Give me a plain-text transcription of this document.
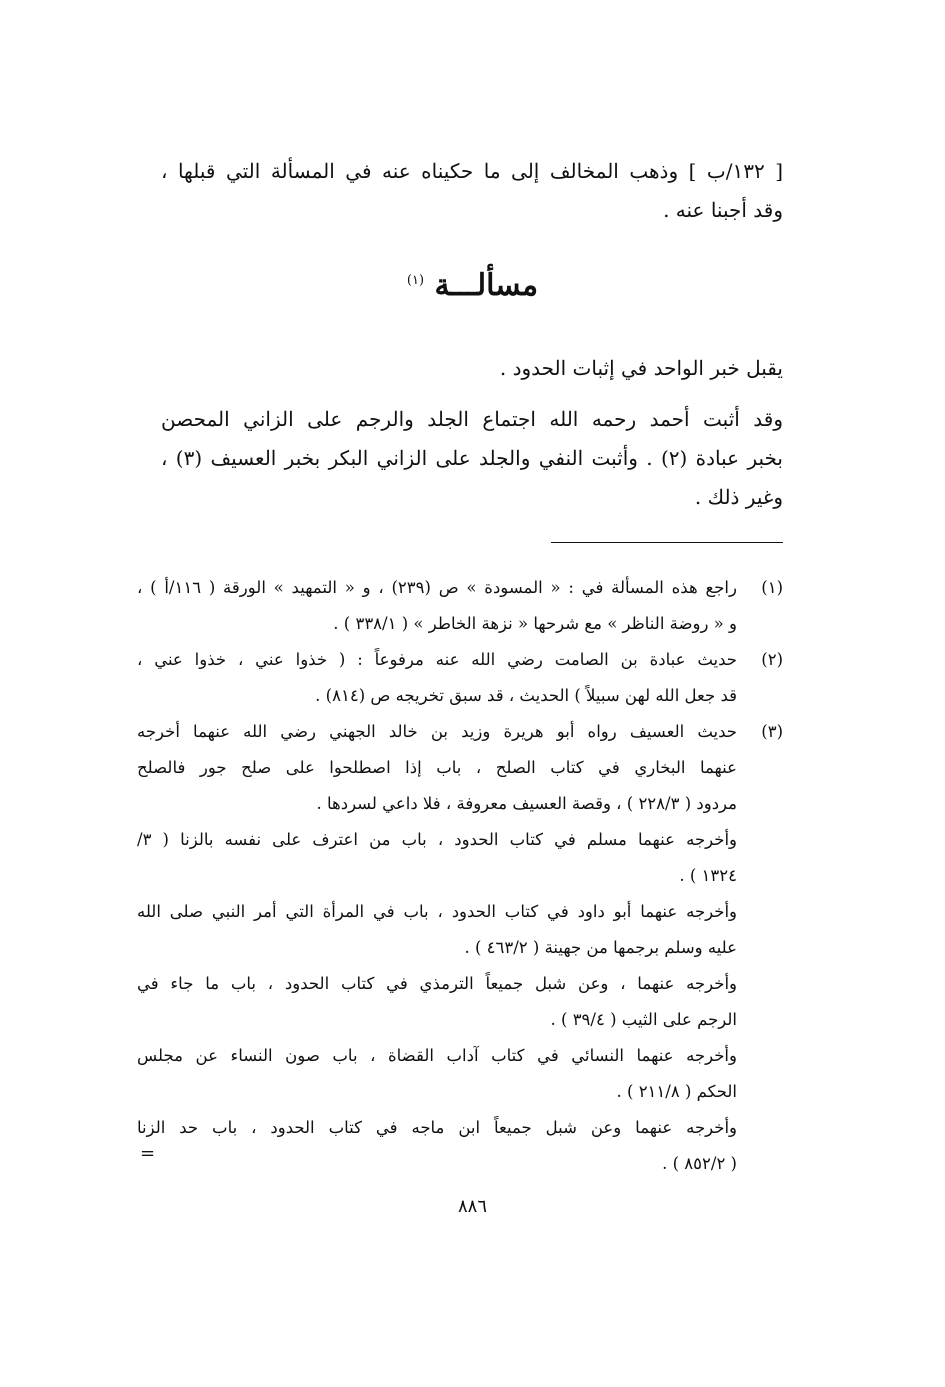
[ ١٣٢/ب ] وذهب المخالف إلى ما حكيناه عنه في المسألة التي قبلها ،
وقد أجبنا عنه .
مسألـــة $^{(١)}$
يقبل خبر الواحد في إثبات الحدود .
وقد أثبت أحمد رحمه الله اجتماع الجلد والرجم على الزاني المحصن
بخبر عبادة (٢) . وأثبت النفي والجلد على الزاني البكر بخبر العسيف (٣) ،
وغير ذلك .
(١)
راجع هذه المسألة في : « المسودة » ص (٢٣٩) ، و « التمهيد » الورقة ( ١١٦/أ ) ،
و « روضة الناظر » مع شرحها « نزهة الخاطر » ( ٣٣٨/١ ) .
(٢)
حديث عبادة بن الصامت رضي الله عنه مرفوعاً : ( خذوا عني ، خذوا عني ،
قد جعل الله لهن سبيلاً ) الحديث ، قد سبق تخريجه ص (٨١٤) .
(٣)
حديث العسيف رواه أبو هريرة وزيد بن خالد الجهني رضي الله عنهما أخرجه
عنهما البخاري في كتاب الصلح ، باب إذا اصطلحوا على صلح جور فالصلح
مردود ( ٢٢٨/٣ ) ، وقصة العسيف معروفة ، فلا داعي لسردها .
وأخرجه عنهما مسلم في كتاب الحدود ، باب من اعترف على نفسه بالزنا ( ٣/
١٣٢٤ ) .
وأخرجه عنهما أبو داود في كتاب الحدود ، باب في المرأة التي أمر النبي صلى الله
عليه وسلم برجمها من جهينة ( ٤٦٣/٢ ) .
وأخرجه عنهما ، وعن شبل جميعاً الترمذي في كتاب الحدود ، باب ما جاء في
الرجم على الثيب ( ٣٩/٤ ) .
وأخرجه عنهما النسائي في كتاب آداب القضاة ، باب صون النساء عن مجلس
الحكم ( ٢١١/٨ ) .
وأخرجه عنهما وعن شبل جميعاً ابن ماجه في كتاب الحدود ، باب حد الزنا
( ٨٥٢/٢ ) .
=
٨٨٦
